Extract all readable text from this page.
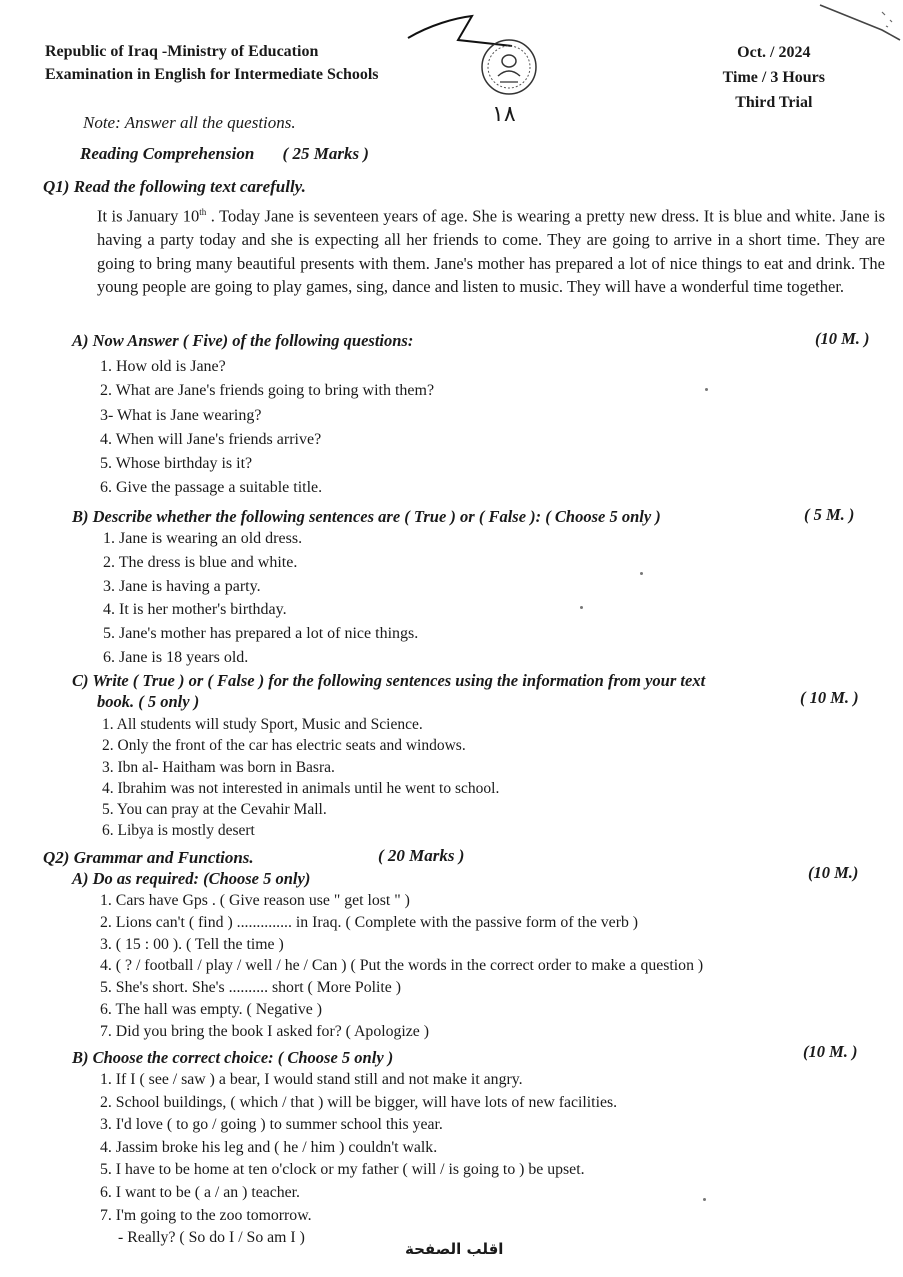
Republic of Iraq -Ministry of Education
Examination in English for Intermediate Schools
١٨
Oct. / 2024
Time / 3 Hours
Third Trial
Note: Answer all the questions.
Reading Comprehension ( 25 Marks )
Q1) Read the following text carefully.
It is January 10th . Today Jane is seventeen years of age. She is wearing a pretty new dress. It is blue and white. Jane is having a party today and she is expecting all her friends to come. They are going to arrive in a short time. They are going to bring many beautiful presents with them. Jane's mother has prepared a lot of nice things to eat and drink. The young people are going to play games, sing, dance and listen to music. They will have a wonderful time together.
A) Now Answer ( Five) of the following questions:	(10 M. )
1. How old is Jane?
2. What are Jane's friends going to bring with them?
3- What is Jane wearing?
4. When will Jane's friends arrive?
5. Whose birthday is it?
6. Give the passage a suitable title.
B) Describe whether the following sentences are ( True ) or ( False ): ( Choose 5 only )	( 5 M. )
1. Jane is wearing an old dress.
2. The dress is blue and white.
3. Jane is having a party.
4. It is her mother's birthday.
5. Jane's mother has prepared a lot of nice things.
6. Jane is 18 years old.
C) Write ( True ) or ( False ) for the following sentences using the information from your text
book. ( 5 only )	( 10 M. )
1. All students will study Sport, Music and Science.
2. Only the front of the car has electric seats and windows.
3. Ibn al- Haitham was born in Basra.
4. Ibrahim was not interested in animals until he went to school.
5. You can pray at the Cevahir Mall.
6. Libya is mostly desert
Q2) Grammar and Functions.	( 20 Marks )
A) Do as required: (Choose 5 only)	(10 M.)
1. Cars have Gps . ( Give reason use " get lost " )
2. Lions can't ( find ) .............. in Iraq. ( Complete with the passive form of the verb )
3. ( 15 : 00 ). ( Tell the time )
4. ( ? / football / play / well / he / Can ) ( Put the words in the correct order to make a question )
5. She's short. She's .......... short ( More Polite )
6. The hall was empty. ( Negative )
7. Did you bring the book I asked for? ( Apologize )
B) Choose the correct choice: ( Choose 5 only )	(10 M. )
1. If I ( see / saw ) a bear, I would stand still and not make it angry.
2. School buildings, ( which / that ) will be bigger, will have lots of new facilities.
3. I'd love ( to go / going ) to summer school this year.
4. Jassim broke his leg and ( he / him ) couldn't walk.
5. I have to be home at ten o'clock or my father ( will / is going to ) be upset.
6. I want to be ( a / an ) teacher.
7. I'm going to the zoo tomorrow.
- Really? ( So do I / So am I )
اقلب الصفحة
